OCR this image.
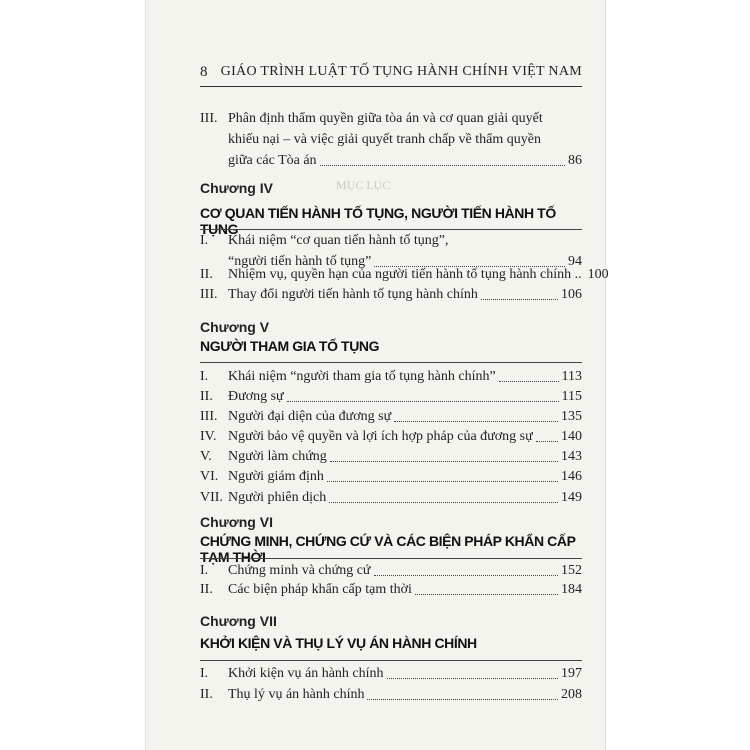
MỤC LỤC
8 GIÁO TRÌNH LUẬT TỐ TỤNG HÀNH CHÍNH VIỆT NAM
III. Phân định thẩm quyền giữa tòa án và cơ quan giải quyết
khiếu nại – và việc giải quyết tranh chấp về thẩm quyền
giữa các Tòa án	86
Chương IV
CƠ QUAN TIẾN HÀNH TỐ TỤNG, NGƯỜI TIẾN HÀNH TỐ TỤNG
I. Khái niệm “cơ quan tiến hành tố tụng”,
“người tiến hành tố tụng”	94
II. Nhiệm vụ, quyền hạn của người tiến hành tố tụng hành chính .. 100
III. Thay đổi người tiến hành tố tụng hành chính	106
Chương V
NGƯỜI THAM GIA TỐ TỤNG
I. Khái niệm “người tham gia tố tụng hành chính”	113
II. Đương sự	115
III. Người đại diện của đương sự	135
IV. Người bảo vệ quyền và lợi ích hợp pháp của đương sự 140
V. Người làm chứng	143
VI. Người giám định	146
VII. Người phiên dịch	149
Chương VI
CHỨNG MINH, CHỨNG CỨ VÀ CÁC BIỆN PHÁP KHẨN CẤP TẠM THỜI
I. Chứng minh và chứng cứ	152
II. Các biện pháp khẩn cấp tạm thời	184
Chương VII
KHỞI KIỆN VÀ THỤ LÝ VỤ ÁN HÀNH CHÍNH
I. Khởi kiện vụ án hành chính	197
II. Thụ lý vụ án hành chính	208
